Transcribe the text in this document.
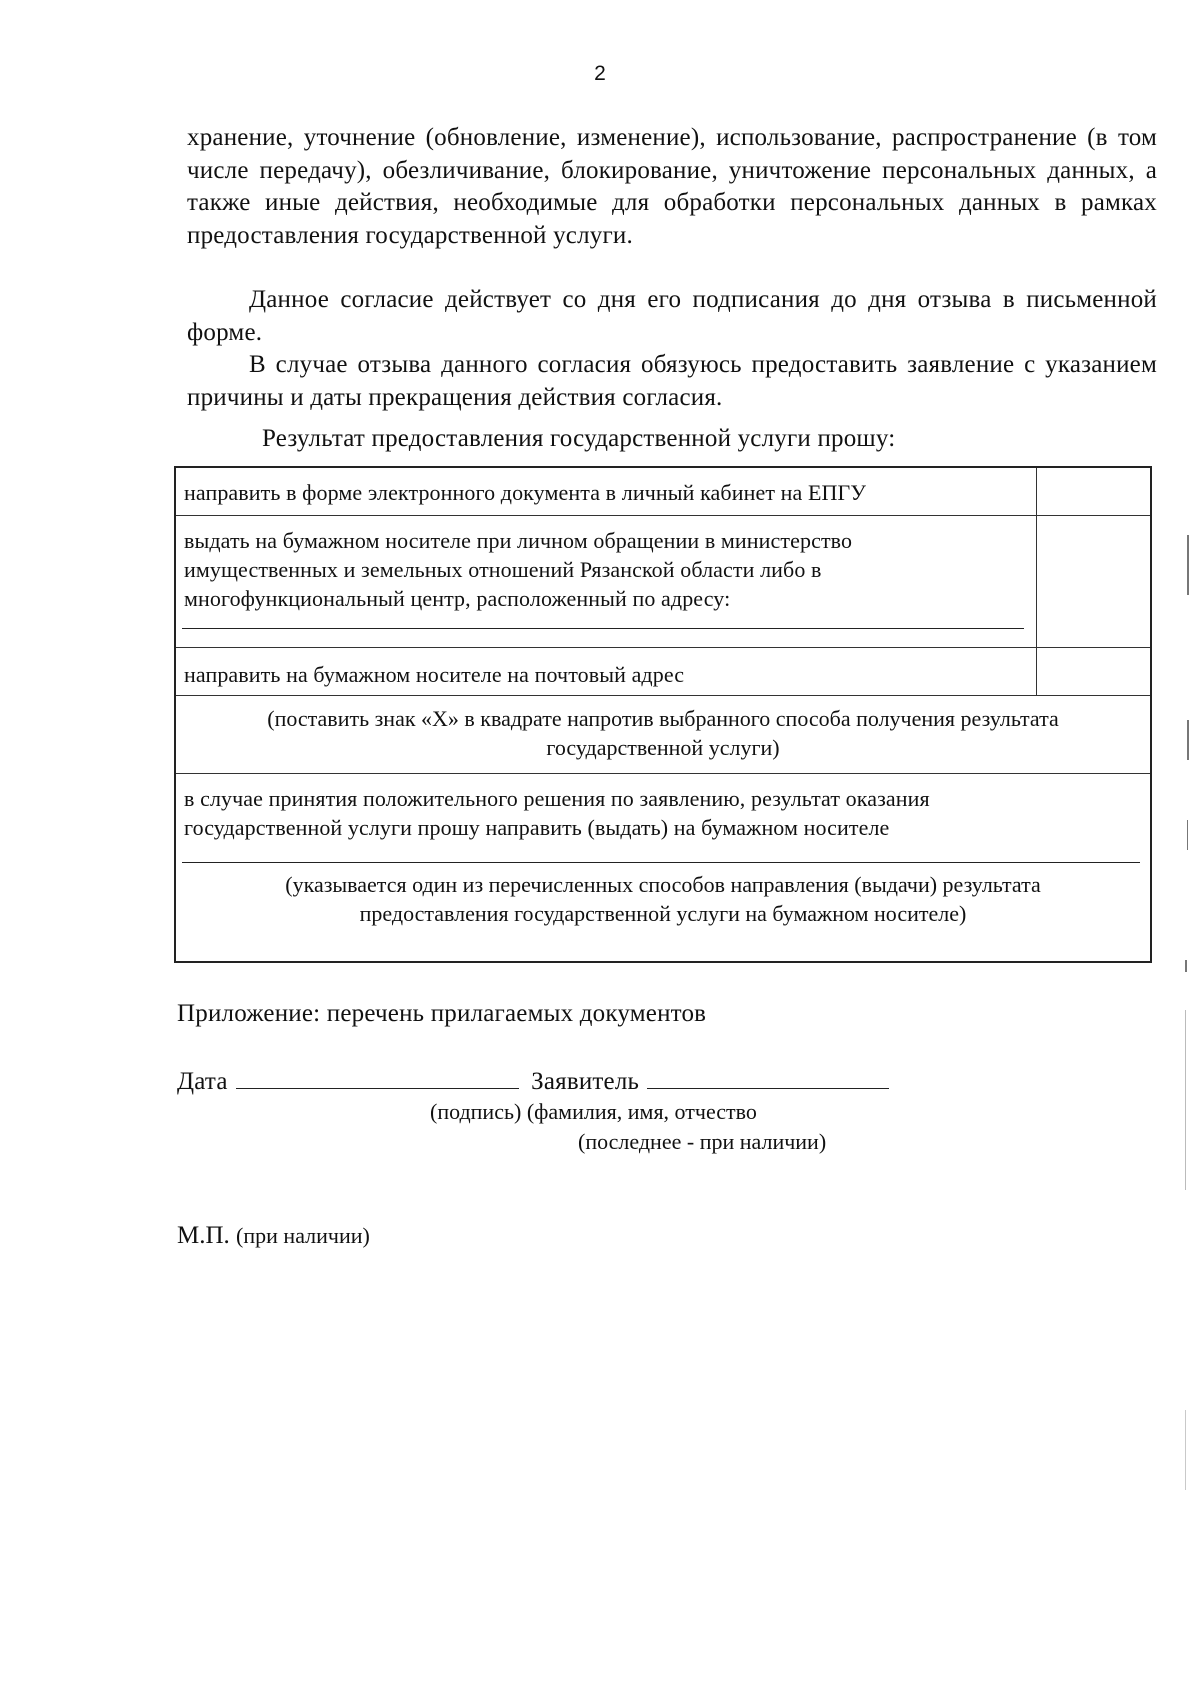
2
хранение, уточнение (обновление, изменение), использование, распространение (в том числе передачу), обезличивание, блокирование, уничтожение персональных данных, а также иные действия, необходимые для обработки персональных данных в рамках предоставления государственной услуги.
Данное согласие действует со дня его подписания до дня отзыва в письменной форме.
В случае отзыва данного согласия обязуюсь предоставить заявление с указанием причины и даты прекращения действия согласия.
Результат предоставления государственной услуги прошу:
направить в форме электронного документа в личный кабинет на ЕПГУ
выдать на бумажном носителе при личном обращении в министерство
имущественных и земельных отношений Рязанской области либо в
многофункциональный центр, расположенный по адресу:
направить на бумажном носителе на почтовый адрес
(поставить знак «Х» в квадрате напротив выбранного способа получения результата
государственной услуги)
в случае принятия положительного решения по заявлению, результат оказания
государственной услуги прошу направить (выдать) на бумажном носителе
(указывается один из перечисленных способов направления (выдачи) результата
предоставления государственной услуги на бумажном носителе)
Приложение: перечень прилагаемых документов
Дата	Заявитель
(подпись) (фамилия, имя, отчество
(последнее - при наличии)
М.П. (при наличии)
